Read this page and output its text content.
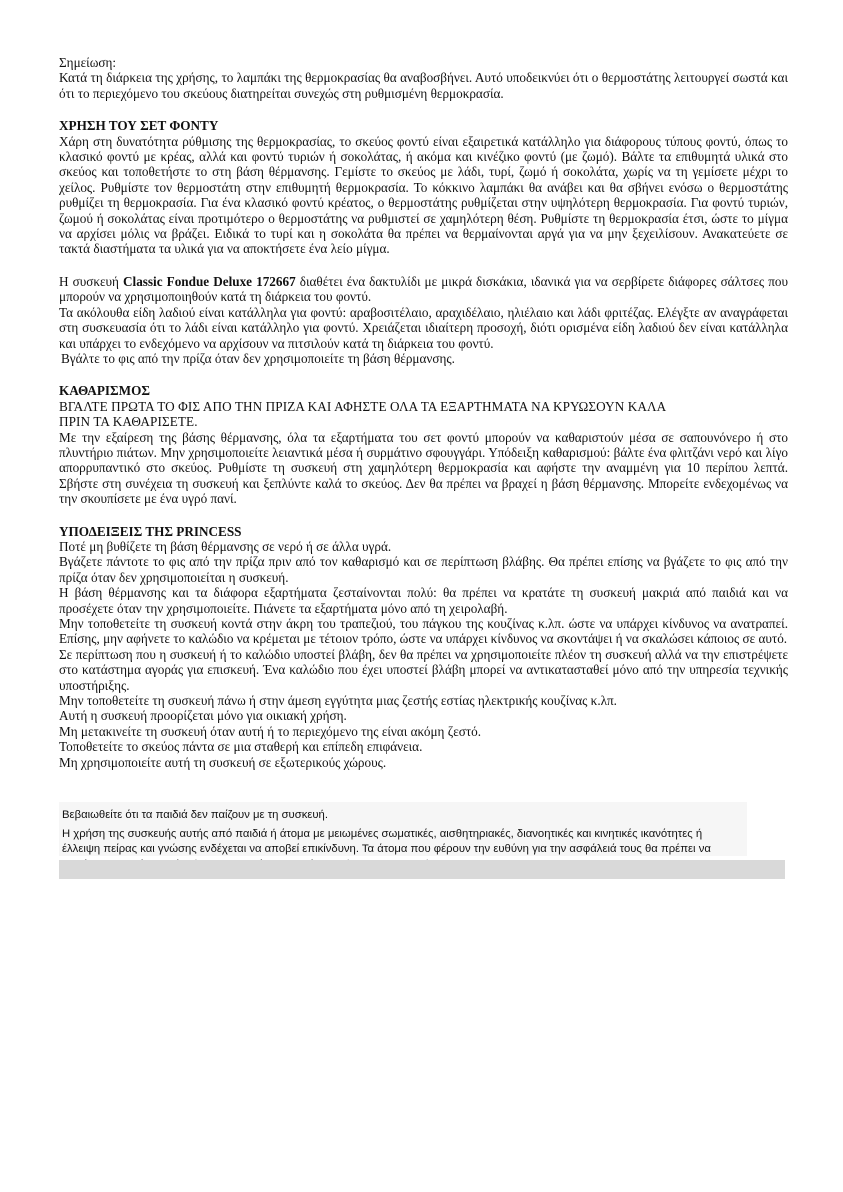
Σημείωση:

Κατά τη διάρκεια της χρήσης, το λαμπάκι της θερμοκρασίας θα αναβοσβήνει. Αυτό υποδεικνύει ότι ο θερμοστάτης λειτουργεί σωστά και ότι το περιεχόμενο του σκεύους διατηρείται συνεχώς στη ρυθμισμένη θερμοκρασία.

ΧΡΗΣΗ ΤΟΥ ΣΕΤ ΦΟΝΤΥ

Χάρη στη δυνατότητα ρύθμισης της θερμοκρασίας, το σκεύος φοντύ είναι εξαιρετικά κατάλληλο για διάφορους τύπους φοντύ, όπως το κλασικό φοντύ με κρέας, αλλά και φοντύ τυριών ή σοκολάτας, ή ακόμα και κινέζικο φοντύ (με ζωμό). Βάλτε τα επιθυμητά υλικά στο σκεύος και τοποθετήστε το στη βάση θέρμανσης. Γεμίστε το σκεύος με λάδι, τυρί, ζωμό ή σοκολάτα, χωρίς να τη γεμίσετε μέχρι το χείλος. Ρυθμίστε τον θερμοστάτη στην επιθυμητή θερμοκρασία. Το κόκκινο λαμπάκι θα ανάβει και θα σβήνει ενόσω ο θερμοστάτης ρυθμίζει τη θερμοκρασία. Για ένα κλασικό φοντύ κρέατος, ο θερμοστάτης ρυθμίζεται στην υψηλότερη θερμοκρασία. Για φοντύ τυριών, ζωμού ή σοκολάτας είναι προτιμότερο ο θερμοστάτης να ρυθμιστεί σε χαμηλότερη θέση. Ρυθμίστε τη θερμοκρασία έτσι, ώστε το μίγμα να αρχίσει μόλις να βράζει. Ειδικά το τυρί και η σοκολάτα θα πρέπει να θερμαίνονται αργά για να μην ξεχειλίσουν. Ανακατεύετε σε τακτά διαστήματα τα υλικά για να αποκτήσετε ένα λείο μίγμα.

Η συσκευή Classic Fondue Deluxe 172667 διαθέτει ένα δακτυλίδι με μικρά δισκάκια, ιδανικά για να σερβίρετε διάφορες σάλτσες που μπορούν να χρησιμοποιηθούν κατά τη διάρκεια του φοντύ.

Τα ακόλουθα είδη λαδιού είναι κατάλληλα για φοντύ: αραβοσιτέλαιο, αραχιδέλαιο, ηλιέλαιο και λάδι φριτέζας. Ελέγξτε αν αναγράφεται στη συσκευασία ότι το λάδι είναι κατάλληλο για φοντύ. Χρειάζεται ιδιαίτερη προσοχή, διότι ορισμένα είδη λαδιού δεν είναι κατάλληλα και υπάρχει το ενδεχόμενο να αρχίσουν να πιτσιλούν κατά τη διάρκεια του φοντύ.

Βγάλτε το φις από την πρίζα όταν δεν χρησιμοποιείτε τη βάση θέρμανσης.

ΚΑΘΑΡΙΣΜΟΣ

ΒΓΑΛΤΕ ΠΡΩΤΑ ΤΟ ΦΙΣ ΑΠΟ ΤΗΝ ΠΡΙΖΑ ΚΑΙ ΑΦΗΣΤΕ ΟΛΑ ΤΑ ΕΞΑΡΤΗΜΑΤΑ ΝΑ ΚΡΥΩΣΟΥΝ ΚΑΛΑ

ΠΡΙΝ ΤΑ ΚΑΘΑΡΙΣΕΤΕ.

Με την εξαίρεση της βάσης θέρμανσης, όλα τα εξαρτήματα του σετ φοντύ μπορούν να καθαριστούν μέσα σε σαπουνόνερο ή στο πλυντήριο πιάτων. Μην χρησιμοποιείτε λειαντικά μέσα ή συρμάτινο σφουγγάρι. Υπόδειξη καθαρισμού: βάλτε ένα φλιτζάνι νερό και λίγο απορρυπαντικό στο σκεύος. Ρυθμίστε τη συσκευή στη χαμηλότερη θερμοκρασία και αφήστε την αναμμένη για 10 περίπου λεπτά. Σβήστε στη συνέχεια τη συσκευή και ξεπλύντε καλά το σκεύος. Δεν θα πρέπει να βραχεί η βάση θέρμανσης. Μπορείτε ενδεχομένως να την σκουπίσετε με ένα υγρό πανί.

ΥΠΟΔΕΙΞΕΙΣ ΤΗΣ PRINCESS

Ποτέ μη βυθίζετε τη βάση θέρμανσης σε νερό ή σε άλλα υγρά.

Βγάζετε πάντοτε το φις από την πρίζα πριν από τον καθαρισμό και σε περίπτωση βλάβης. Θα πρέπει επίσης να βγάζετε το φις από την πρίζα όταν δεν χρησιμοποιείται η συσκευή.

Η βάση θέρμανσης και τα διάφορα εξαρτήματα ζεσταίνονται πολύ: θα πρέπει να κρατάτε τη συσκευή μακριά από παιδιά και να προσέχετε όταν την χρησιμοποιείτε. Πιάνετε τα εξαρτήματα μόνο από τη χειρολαβή.

Μην τοποθετείτε τη συσκευή κοντά στην άκρη του τραπεζιού, του πάγκου της κουζίνας κ.λπ. ώστε να υπάρχει κίνδυνος να ανατραπεί. Επίσης, μην αφήνετε το καλώδιο να κρέμεται με τέτοιον τρόπο, ώστε να υπάρχει κίνδυνος να σκοντάψει ή να σκαλώσει κάποιος σε αυτό.

Σε περίπτωση που η συσκευή ή το καλώδιο υποστεί βλάβη, δεν θα πρέπει να χρησιμοποιείτε πλέον τη συσκευή αλλά να την επιστρέψετε στο κατάστημα αγοράς για επισκευή. Ένα καλώδιο που έχει υποστεί βλάβη μπορεί να αντικατασταθεί μόνο από την υπηρεσία τεχνικής υποστήριξης.

Μην τοποθετείτε τη συσκευή πάνω ή στην άμεση εγγύτητα μιας ζεστής εστίας ηλεκτρικής κουζίνας κ.λπ.

Αυτή η συσκευή προορίζεται μόνο για οικιακή χρήση.

Μη μετακινείτε τη συσκευή όταν αυτή ή το περιεχόμενο της είναι ακόμη ζεστό.

Τοποθετείτε το σκεύος πάντα σε μια σταθερή και επίπεδη επιφάνεια.

Μη χρησιμοποιείτε αυτή τη συσκευή σε εξωτερικούς χώρους.

Βεβαιωθείτε ότι τα παιδιά δεν παίζουν με τη συσκευή.

Η χρήση της συσκευής αυτής από παιδιά ή άτομα με μειωμένες σωματικές, αισθητηριακές, διανοητικές και κινητικές ικανότητες ή έλλειψη πείρας και γνώσης ενδέχεται να αποβεί επικίνδυνη. Τα άτομα που φέρουν την ευθύνη για την ασφάλειά τους θα πρέπει να
